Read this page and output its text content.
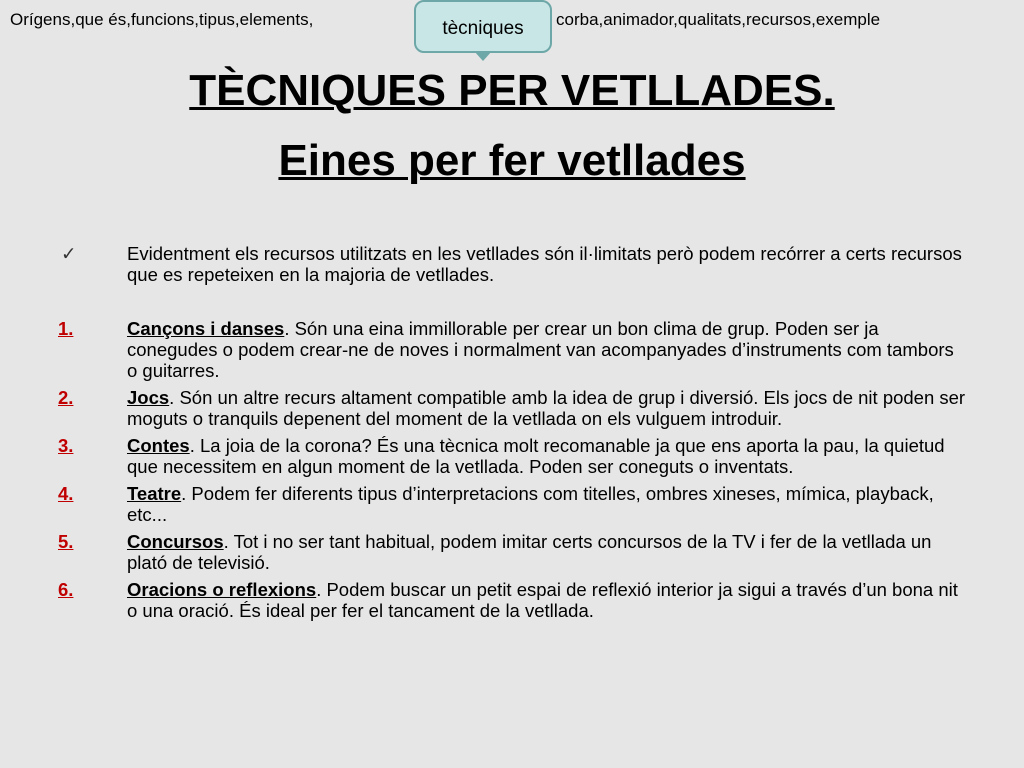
Orígens,que és,funcions,tipus,elements,	corba,animador,qualitats,recursos,exemple
tècniques
TÈCNIQUES PER VETLLADES.
Eines per fer vetllades
✓	Evidentment els recursos utilitzats en les vetllades són il·limitats però podem recórrer a certs recursos que es repeteixen en la majoria de vetllades.
1.	Cançons i danses. Són una eina immillorable per crear un bon clima de grup. Poden ser ja conegudes o podem crear-ne de noves i normalment van acompanyades d’instruments com tambors o guitarres.
2.	Jocs. Són un altre recurs altament compatible amb la idea de grup i diversió. Els jocs de nit poden ser moguts o tranquils depenent del moment de la vetllada on els vulguem introduir.
3.	Contes. La joia de la corona? És una tècnica molt recomanable ja que ens aporta la pau, la quietud que necessitem en algun moment de la vetllada. Poden ser coneguts o inventats.
4.	Teatre. Podem fer diferents tipus d’interpretacions com titelles, ombres xineses, mímica, playback, etc...
5.	Concursos. Tot i no ser tant habitual, podem imitar certs concursos de la TV i fer de la vetllada un plató de televisió.
6.	Oracions o reflexions. Podem buscar un petit espai de reflexió interior ja sigui a través d’un bona nit o una oració. És ideal per fer el tancament de la vetllada.
